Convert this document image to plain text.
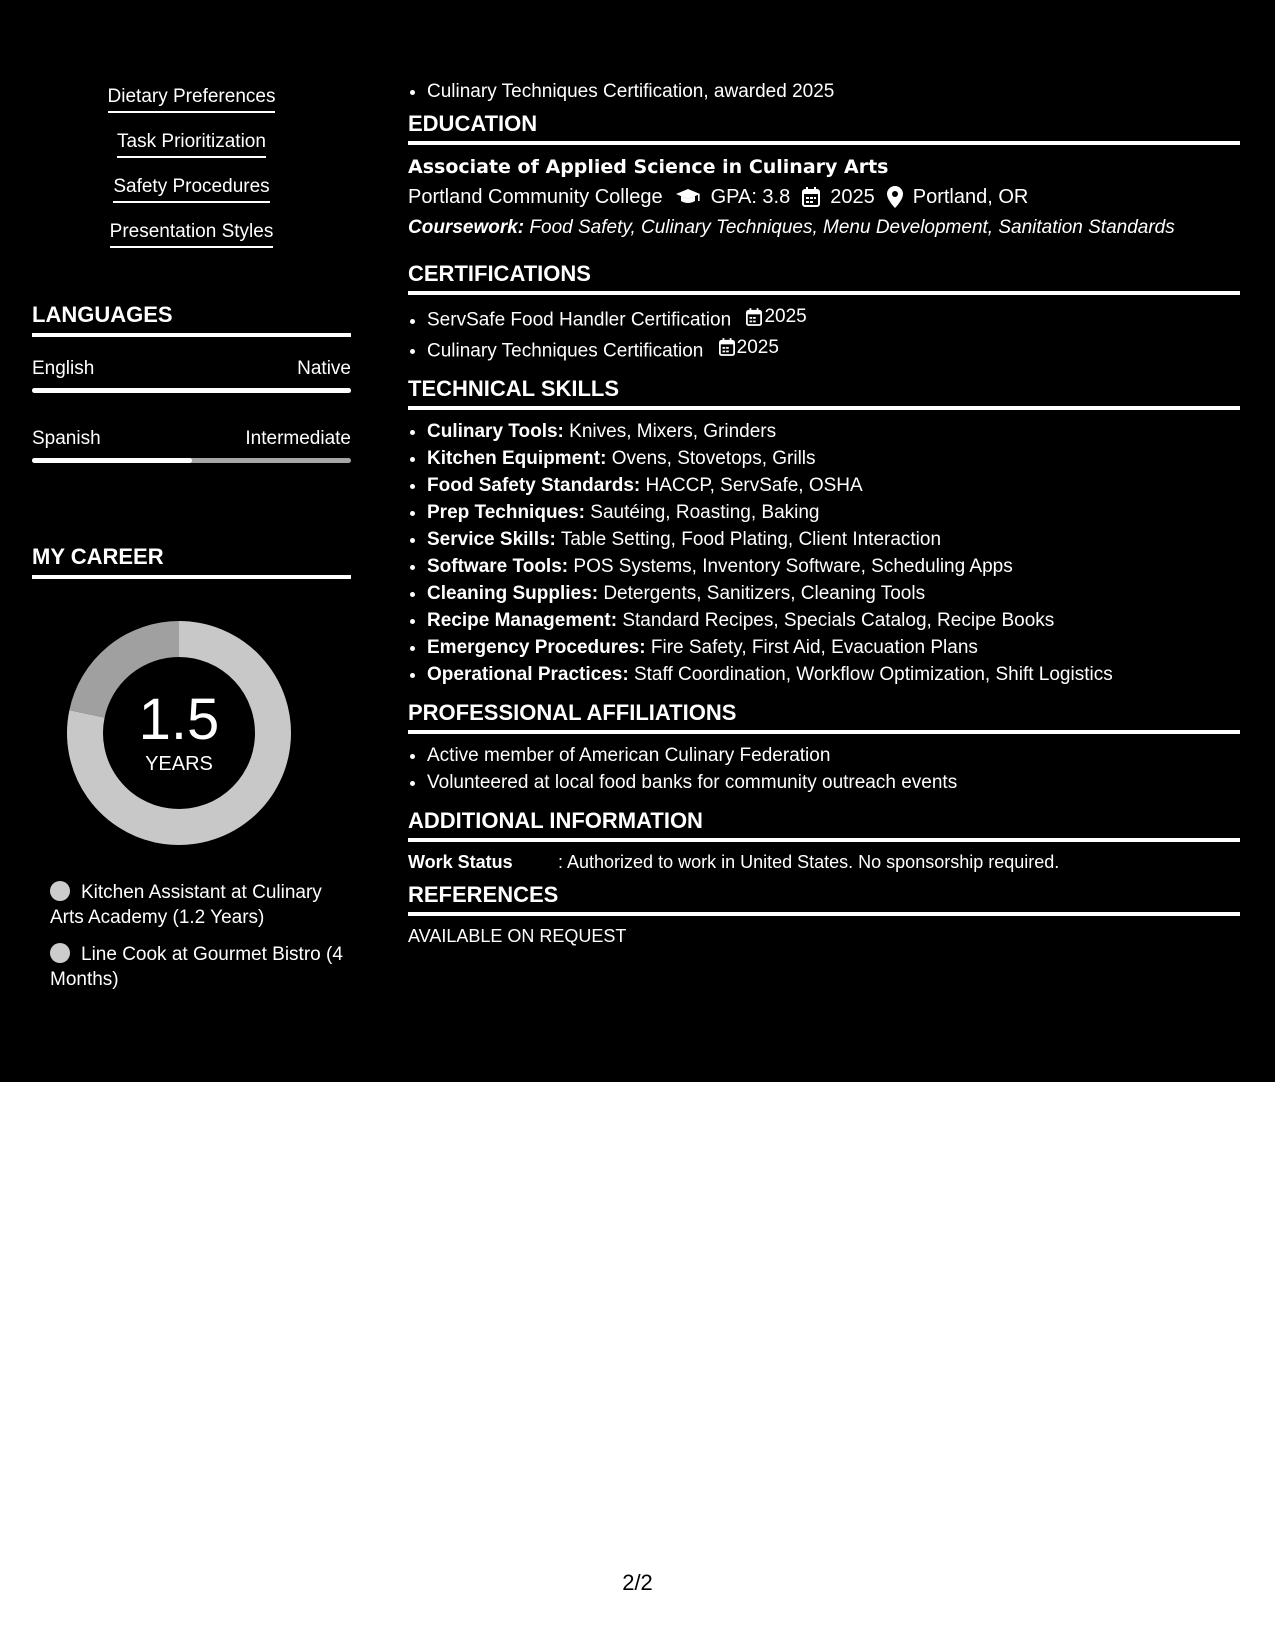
Dietary Preferences
Task Prioritization
Safety Procedures
Presentation Styles
LANGUAGES
English	Native
Spanish	Intermediate
MY CAREER
1.5
YEARS
Kitchen Assistant at Culinary Arts Academy (1.2 Years)
Line Cook at Gourmet Bistro (4 Months)
• Culinary Techniques Certification, awarded 2025
EDUCATION
Associate of Applied Science in Culinary Arts
Portland Community College GPA: 3.8 2025 Portland, OR
Coursework: Food Safety, Culinary Techniques, Menu Development, Sanitation Standards
CERTIFICATIONS
• ServSafe Food Handler Certification 2025
• Culinary Techniques Certification 2025
TECHNICAL SKILLS
• Culinary Tools: Knives, Mixers, Grinders
• Kitchen Equipment: Ovens, Stovetops, Grills
• Food Safety Standards: HACCP, ServSafe, OSHA
• Prep Techniques: Sautéing, Roasting, Baking
• Service Skills: Table Setting, Food Plating, Client Interaction
• Software Tools: POS Systems, Inventory Software, Scheduling Apps
• Cleaning Supplies: Detergents, Sanitizers, Cleaning Tools
• Recipe Management: Standard Recipes, Specials Catalog, Recipe Books
• Emergency Procedures: Fire Safety, First Aid, Evacuation Plans
• Operational Practices: Staff Coordination, Workflow Optimization, Shift Logistics
PROFESSIONAL AFFILIATIONS
• Active member of American Culinary Federation
• Volunteered at local food banks for community outreach events
ADDITIONAL INFORMATION
Work Status	: Authorized to work in United States. No sponsorship required.
REFERENCES
AVAILABLE ON REQUEST
2/2
